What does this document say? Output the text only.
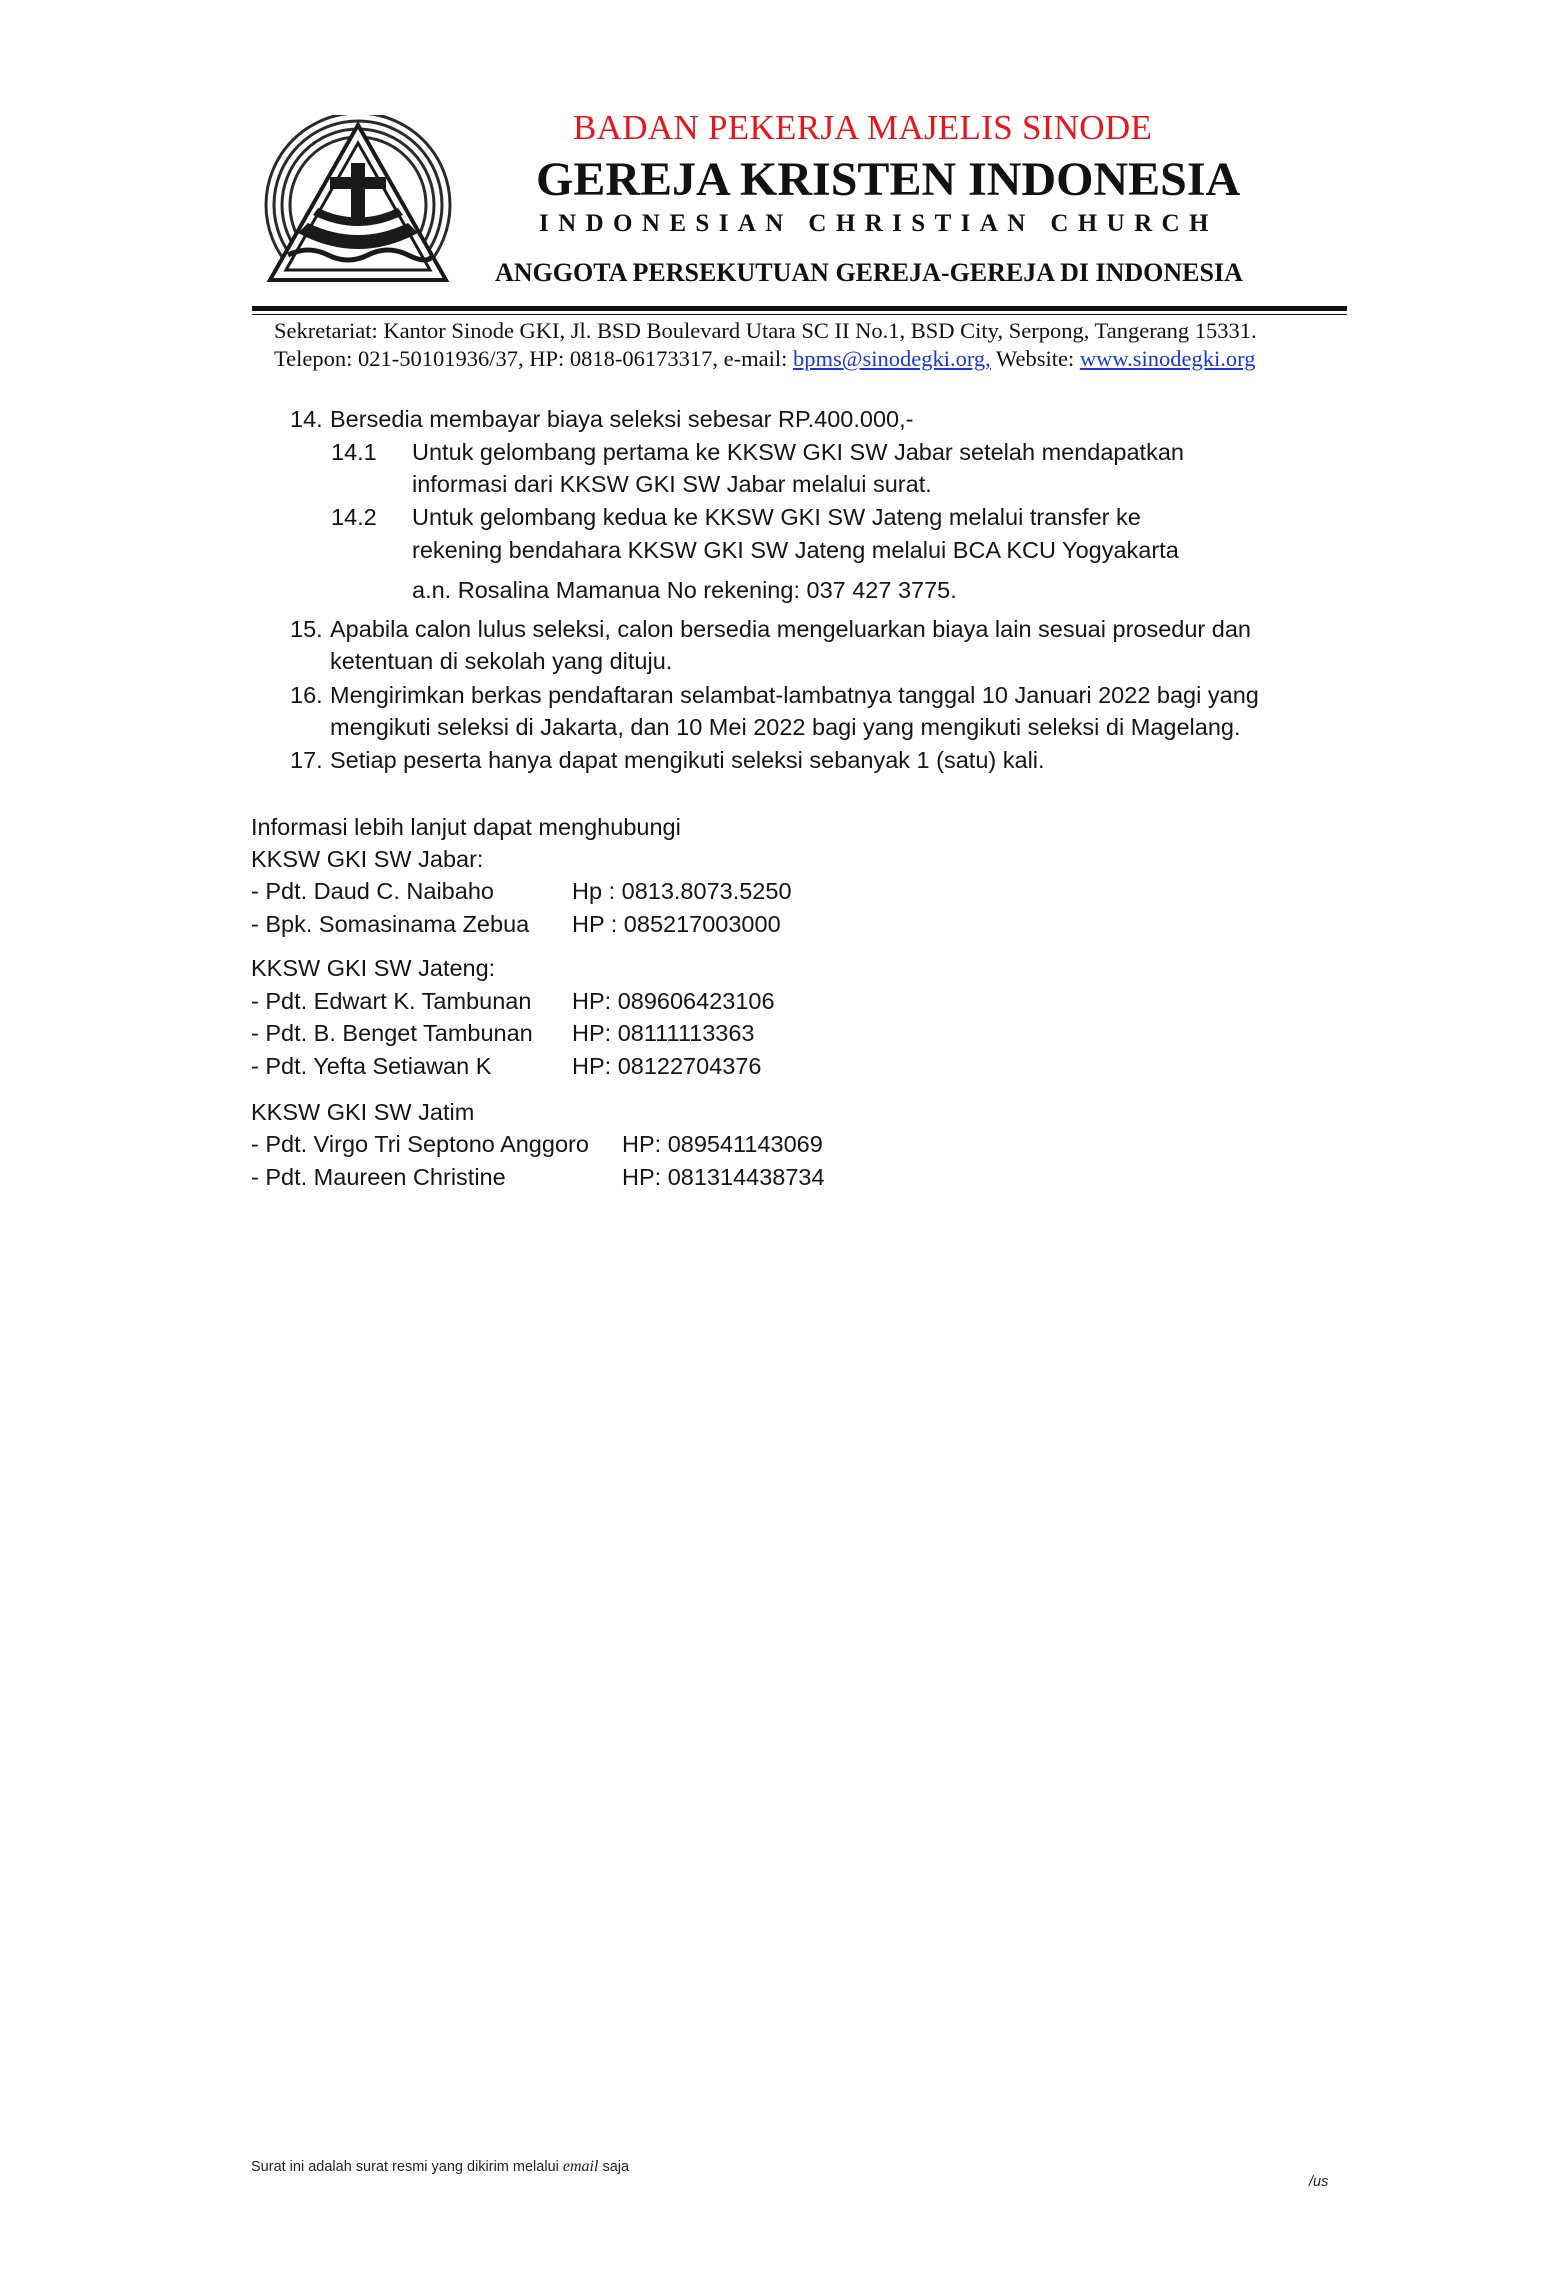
BADAN PEKERJA MAJELIS SINODE
GEREJA KRISTEN INDONESIA
INDONESIAN CHRISTIAN CHURCH
ANGGOTA PERSEKUTUAN GEREJA-GEREJA DI INDONESIA
Sekretariat: Kantor Sinode GKI, Jl. BSD Boulevard Utara SC II No.1, BSD City, Serpong, Tangerang 15331.
Telepon: 021-50101936/37, HP: 0818-06173317, e-mail: bpms@sinodegki.org, Website: www.sinodegki.org
14. Bersedia membayar biaya seleksi sebesar RP.400.000,-
14.1 Untuk gelombang pertama ke KKSW GKI SW Jabar setelah mendapatkan
informasi dari KKSW GKI SW Jabar melalui surat.
14.2 Untuk gelombang kedua ke KKSW GKI SW Jateng melalui transfer ke
rekening bendahara KKSW GKI SW Jateng melalui BCA KCU Yogyakarta
a.n. Rosalina Mamanua No rekening: 037 427 3775.
15. Apabila calon lulus seleksi, calon bersedia mengeluarkan biaya lain sesuai prosedur dan
ketentuan di sekolah yang dituju.
16. Mengirimkan berkas pendaftaran selambat-lambatnya tanggal 10 Januari 2022 bagi yang
mengikuti seleksi di Jakarta, dan 10 Mei 2022 bagi yang mengikuti seleksi di Magelang.
17. Setiap peserta hanya dapat mengikuti seleksi sebanyak 1 (satu) kali.
Informasi lebih lanjut dapat menghubungi
KKSW GKI SW Jabar:
- Pdt. Daud C. Naibaho	Hp : 0813.8073.5250
- Bpk. Somasinama Zebua HP : 085217003000
KKSW GKI SW Jateng:
- Pdt. Edwart K. Tambunan HP: 089606423106
- Pdt. B. Benget Tambunan HP: 08111113363
- Pdt. Yefta Setiawan K	HP: 08122704376
KKSW GKI SW Jatim
- Pdt. Virgo Tri Septono Anggoro HP: 089541143069
- Pdt. Maureen Christine	HP: 081314438734
Surat ini adalah surat resmi yang dikirim melalui email saja
/us
